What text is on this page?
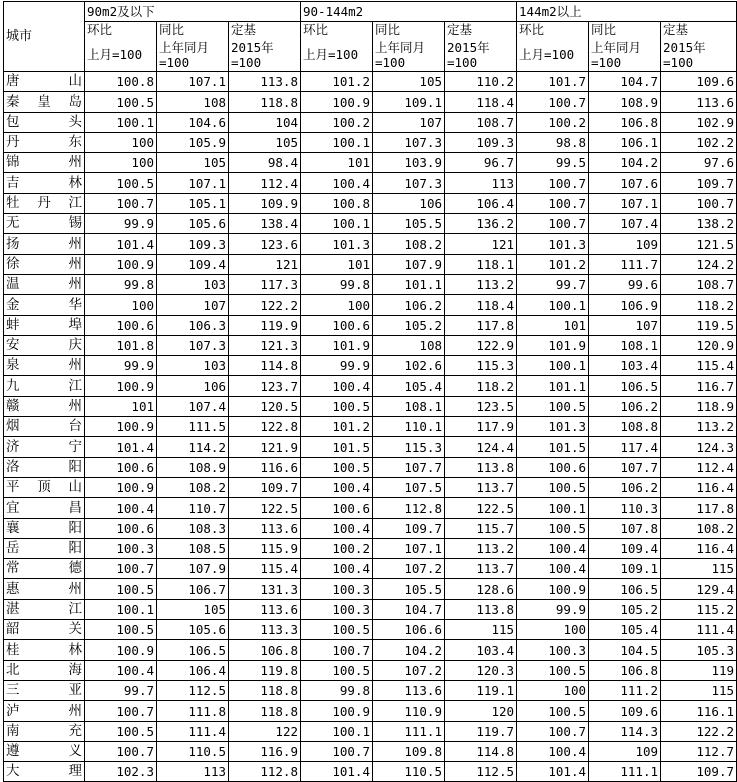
城市	90m2及以下			90-144m2			144m2以上		
	环比	同比	定基	环比	同比	定基	环比	同比	定基
	上月=100	上年同月=100	2015年=100	上月=100	上年同月=100	2015年=100	上月=100	上年同月=100	2015年=100
唐山	100.8	107.1	113.8	101.2	105	110.2	101.7	104.7	109.6
秦皇岛	100.5	108	118.8	100.9	109.1	118.4	100.7	108.9	113.6
包头	100.1	104.6	104	100.2	107	108.7	100.2	106.8	102.9
丹东	100	105.9	105	100.1	107.3	109.3	98.8	106.1	102.2
锦州	100	105	98.4	101	103.9	96.7	99.5	104.2	97.6
吉林	100.5	107.1	112.4	100.4	107.3	113	100.7	107.6	109.7
牡丹江	100.7	105.1	109.9	100.8	106	106.4	100.7	107.1	100.7
无锡	99.9	105.6	138.4	100.1	105.5	136.2	100.7	107.4	138.2
扬州	101.4	109.3	123.6	101.3	108.2	121	101.3	109	121.5
徐州	100.9	109.4	121	101	107.9	118.1	101.2	111.7	124.2
温州	99.8	103	117.3	99.8	101.1	113.2	99.7	99.6	108.7
金华	100	107	122.2	100	106.2	118.4	100.1	106.9	118.2
蚌埠	100.6	106.3	119.9	100.6	105.2	117.8	101	107	119.5
安庆	101.8	107.3	121.3	101.9	108	122.9	101.9	108.1	120.9
泉州	99.9	103	114.8	99.9	102.6	115.3	100.1	103.4	115.4
九江	100.9	106	123.7	100.4	105.4	118.2	101.1	106.5	116.7
赣州	101	107.4	120.5	100.5	108.1	123.5	100.5	106.2	118.9
烟台	100.9	111.5	122.8	101.2	110.1	117.9	101.3	108.8	113.2
济宁	101.4	114.2	121.9	101.5	115.3	124.4	101.5	117.4	124.3
洛阳	100.6	108.9	116.6	100.5	107.7	113.8	100.6	107.7	112.4
平顶山	100.9	108.2	109.7	100.4	107.5	113.7	100.5	106.2	116.4
宜昌	100.4	110.7	122.5	100.6	112.8	122.5	100.1	110.3	117.8
襄阳	100.6	108.3	113.6	100.4	109.7	115.7	100.5	107.8	108.2
岳阳	100.3	108.5	115.9	100.2	107.1	113.2	100.4	109.4	116.4
常德	100.7	107.9	115.4	100.4	107.2	113.7	100.4	109.1	115
惠州	100.5	106.7	131.3	100.3	105.5	128.6	100.9	106.5	129.4
湛江	100.1	105	113.6	100.3	104.7	113.8	99.9	105.2	115.2
韶关	100.5	105.6	113.3	100.5	106.6	115	100	105.4	111.4
桂林	100.9	106.5	106.8	100.7	104.2	103.4	100.3	104.5	105.3
北海	100.4	106.4	119.8	100.5	107.2	120.3	100.5	106.8	119
三亚	99.7	112.5	118.8	99.8	113.6	119.1	100	111.2	115
泸州	100.7	111.8	118.8	100.9	110.9	120	100.5	109.6	116.1
南充	100.5	111.4	122	100.1	111.1	119.7	100.7	114.3	122.2
遵义	100.7	110.5	116.9	100.7	109.8	114.8	100.4	109	112.7
大理	102.3	113	112.8	101.4	110.5	112.5	101.4	111.1	109.7
